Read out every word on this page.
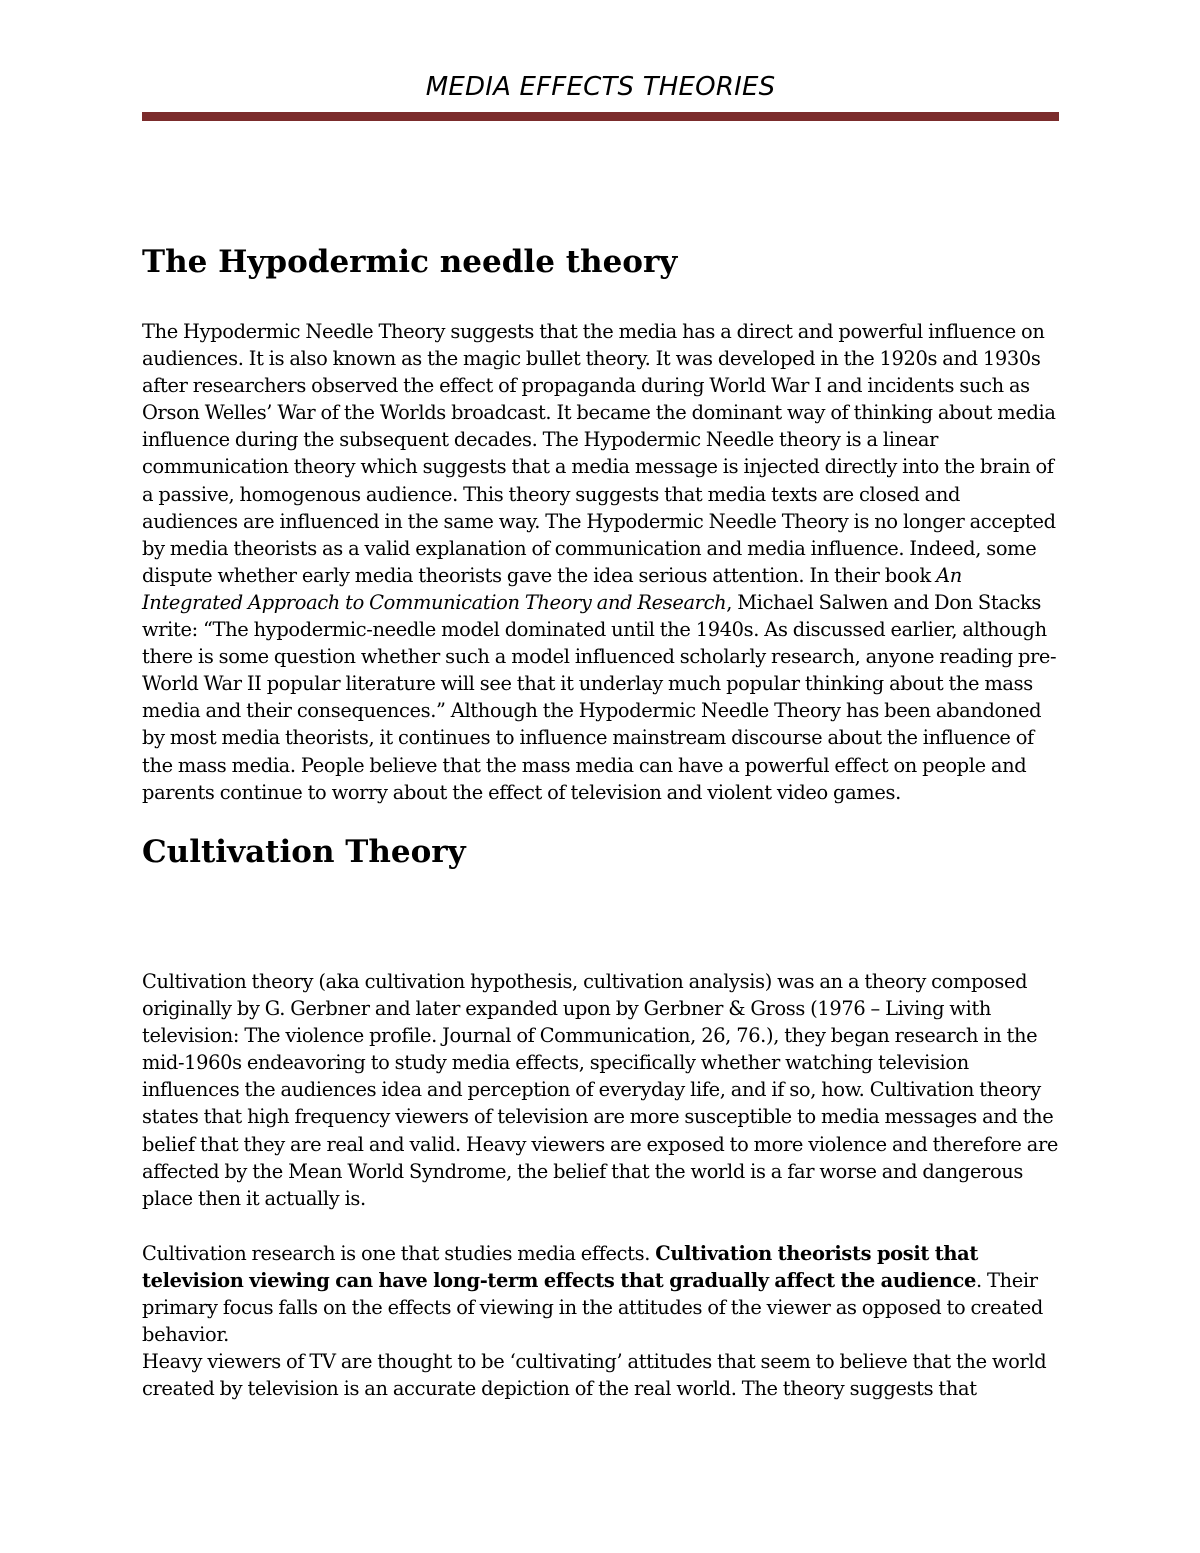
MEDIA EFFECTS THEORIES
The Hypodermic needle theory

The Hypodermic Needle Theory suggests that the media has a direct and powerful influence on audiences. It is also known as the magic bullet theory. It was developed in the 1920s and 1930s after researchers observed the effect of propaganda during World War I and incidents such as Orson Welles’ War of the Worlds broadcast. It became the dominant way of thinking about media influence during the subsequent decades. The Hypodermic Needle theory is a linear communication theory which suggests that a media message is injected directly into the brain of a passive, homogenous audience. This theory suggests that media texts are closed and audiences are influenced in the same way. The Hypodermic Needle Theory is no longer accepted by media theorists as a valid explanation of communication and media influence. Indeed, some dispute whether early media theorists gave the idea serious attention. In their book An Integrated Approach to Communication Theory and Research, Michael Salwen and Don Stacks write: “The hypodermic-needle model dominated until the 1940s. As discussed earlier, although there is some question whether such a model influenced scholarly research, anyone reading pre-World War II popular literature will see that it underlay much popular thinking about the mass media and their consequences.” Although the Hypodermic Needle Theory has been abandoned by most media theorists, it continues to influence mainstream discourse about the influence of the mass media. People believe that the mass media can have a powerful effect on people and parents continue to worry about the effect of television and violent video games.

Cultivation Theory

Cultivation theory (aka cultivation hypothesis, cultivation analysis) was an a theory composed originally by G. Gerbner and later expanded upon by Gerbner & Gross (1976 – Living with television: The violence profile. Journal of Communication, 26, 76.), they began research in the mid-1960s endeavoring to study media effects, specifically whether watching television influences the audiences idea and perception of everyday life, and if so, how. Cultivation theory states that high frequency viewers of television are more susceptible to media messages and the belief that they are real and valid. Heavy viewers are exposed to more violence and therefore are affected by the Mean World Syndrome, the belief that the world is a far worse and dangerous place then it actually is.

Cultivation research is one that studies media effects. Cultivation theorists posit that television viewing can have long-term effects that gradually affect the audience. Their primary focus falls on the effects of viewing in the attitudes of the viewer as opposed to created behavior.

Heavy viewers of TV are thought to be ‘cultivating’ attitudes that seem to believe that the world created by television is an accurate depiction of the real world. The theory suggests that
